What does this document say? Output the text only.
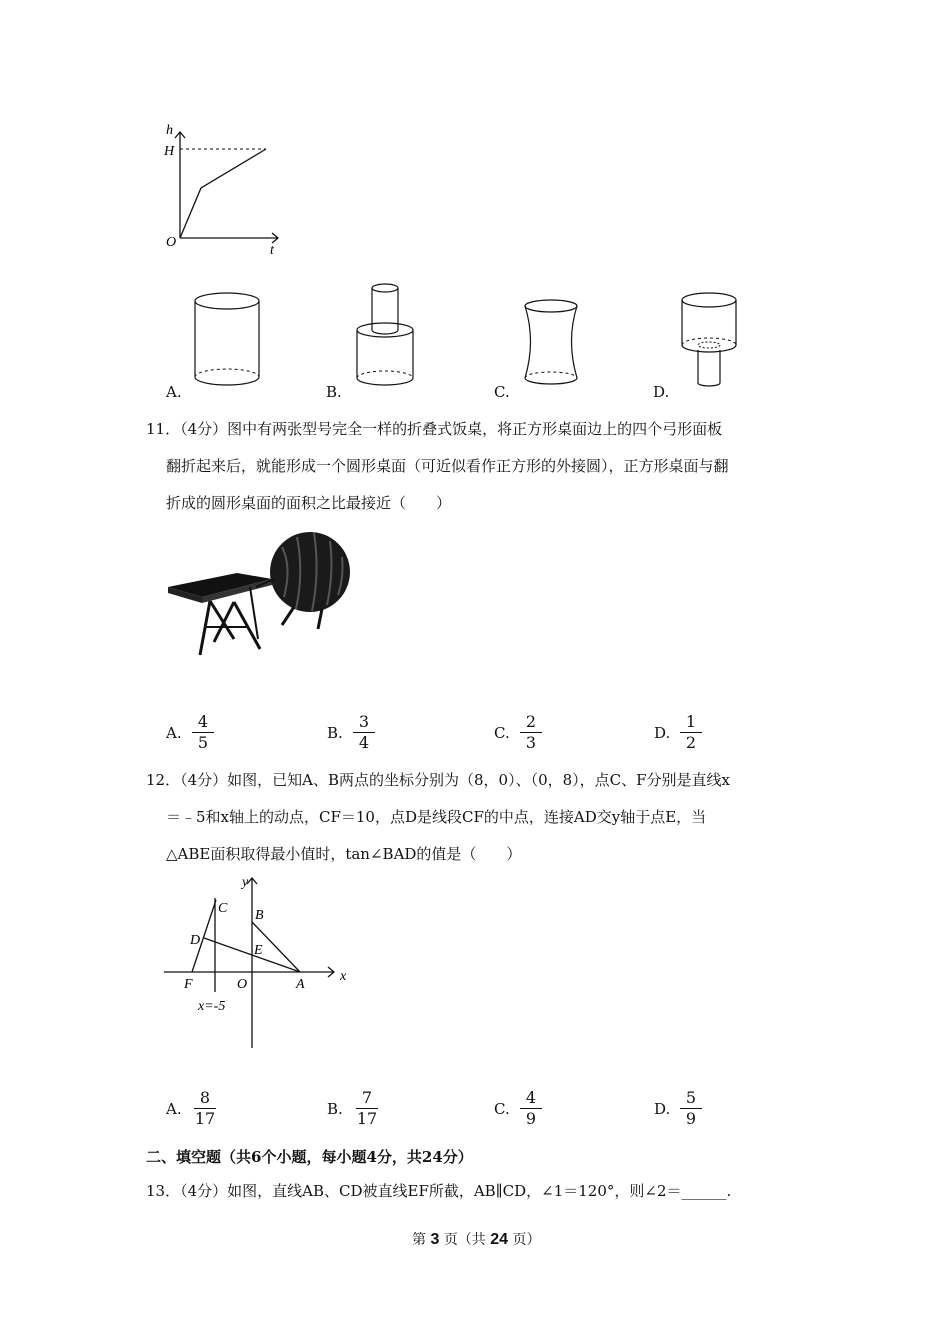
h
H
O
t
A.	B.	C.	D.
11．（4分）图中有两张型号完全一样的折叠式饭桌，将正方形桌面边上的四个弓形面板
翻折起来后，就能形成一个圆形桌面（可近似看作正方形的外接圆），正方形桌面与翻
折成的圆形桌面的面积之比最接近（　　）
A. $\frac{4}{5}$	B. $\frac{3}{4}$	C. $\frac{2}{3}$	D. $\frac{1}{2}$
12．（4分）如图，已知A、B两点的坐标分别为（8，0）、（0，8），点C、F分别是直线x
＝﹣5和x轴上的动点，CF＝10，点D是线段CF的中点，连接AD交y轴于点E，当
△ABE面积取得最小值时，tan∠BAD的值是（　　）
y
x
C B
D
E
F	O	A
x=-5
A. $\frac{8}{17}$	B. $\frac{7}{17}$	C. $\frac{4}{9}$	D. $\frac{5}{9}$
二、填空题（共6个小题，每小题4分，共24分）
13．（4分）如图，直线AB、CD被直线EF所截，AB∥CD，∠1＝120°，则∠2＝______.
第 3 页（共 24 页）
